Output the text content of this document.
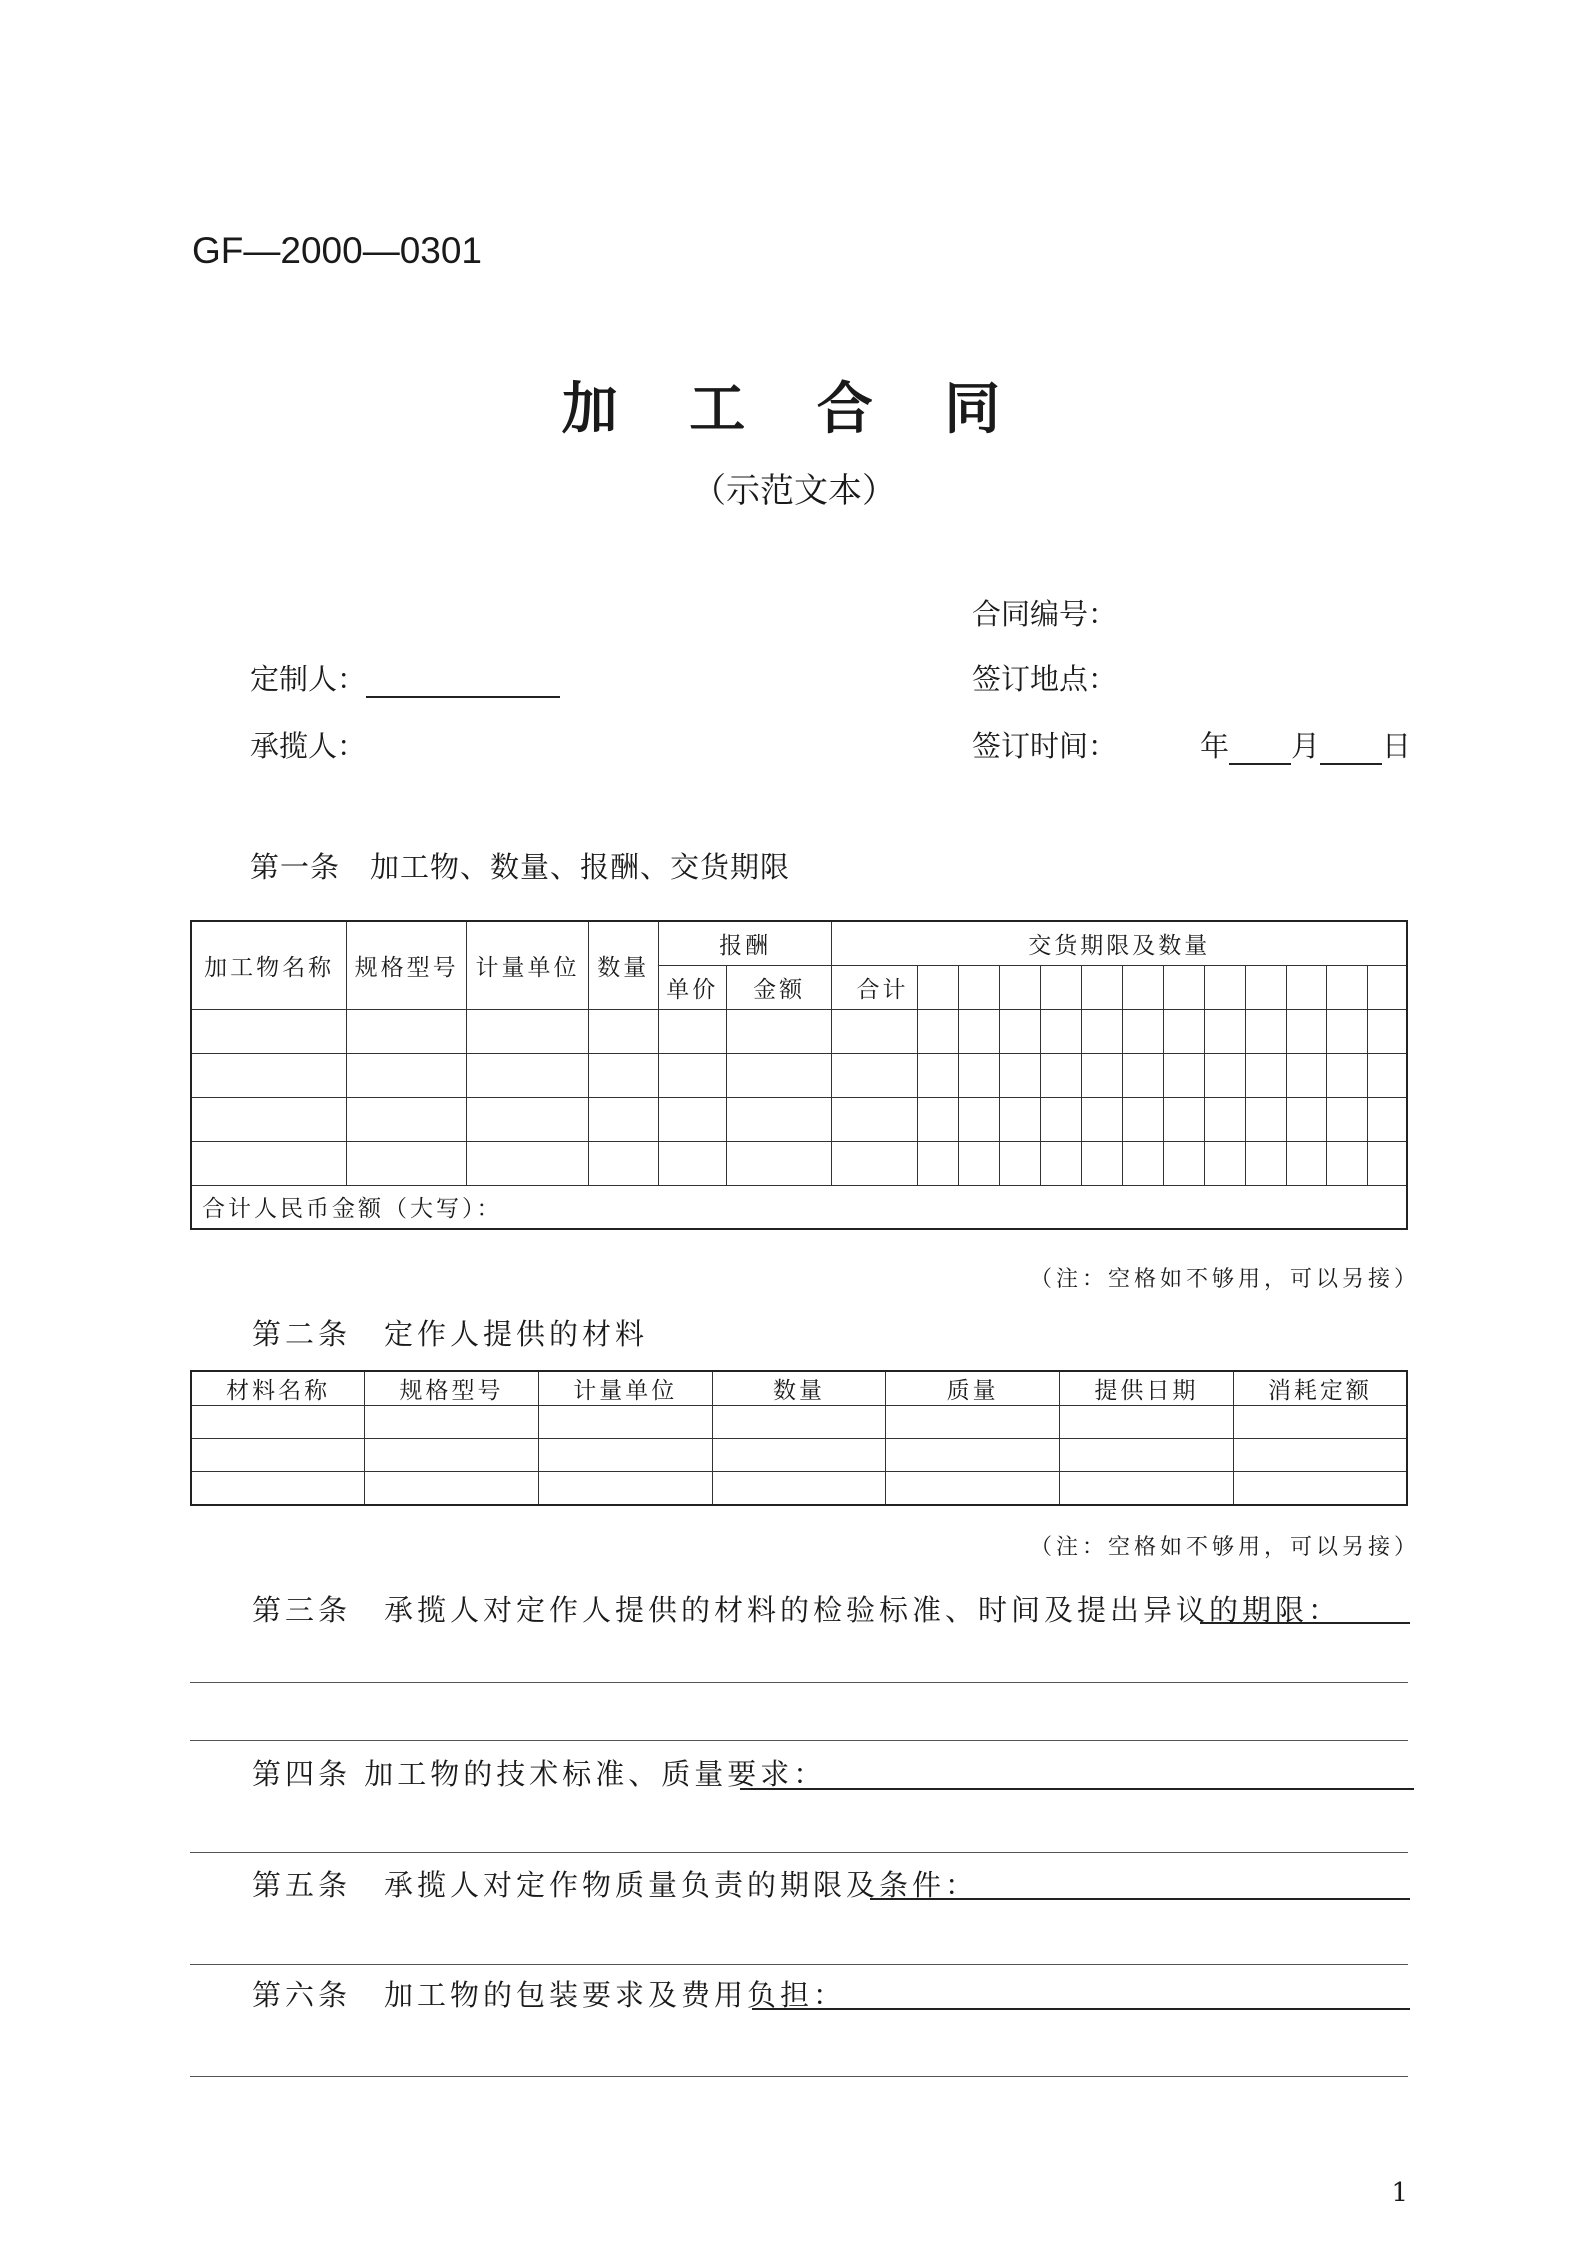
GF—2000—0301
加 工 合 同
（示范文本）
合同编号：
定制人：	签订地点：
承揽人：	签订时间：	年 月 日
第一条　加工物、数量、报酬、交货期限
加工物名称	规格型号	计量单位	数量	报酬		交货期限及数量												
				单价	金额	合计												

合计人民币金额（大写）：																		
（注：空格如不够用，可以另接）
第二条　定作人提供的材料
材料名称	规格型号	计量单位	数量	质量	提供日期	消耗定额

（注：空格如不够用，可以另接）
第三条　承揽人对定作人提供的材料的检验标准、时间及提出异议的期限：
第四条 加工物的技术标准、质量要求：
第五条　承揽人对定作物质量负责的期限及条件：
第六条　加工物的包装要求及费用负担：
1
